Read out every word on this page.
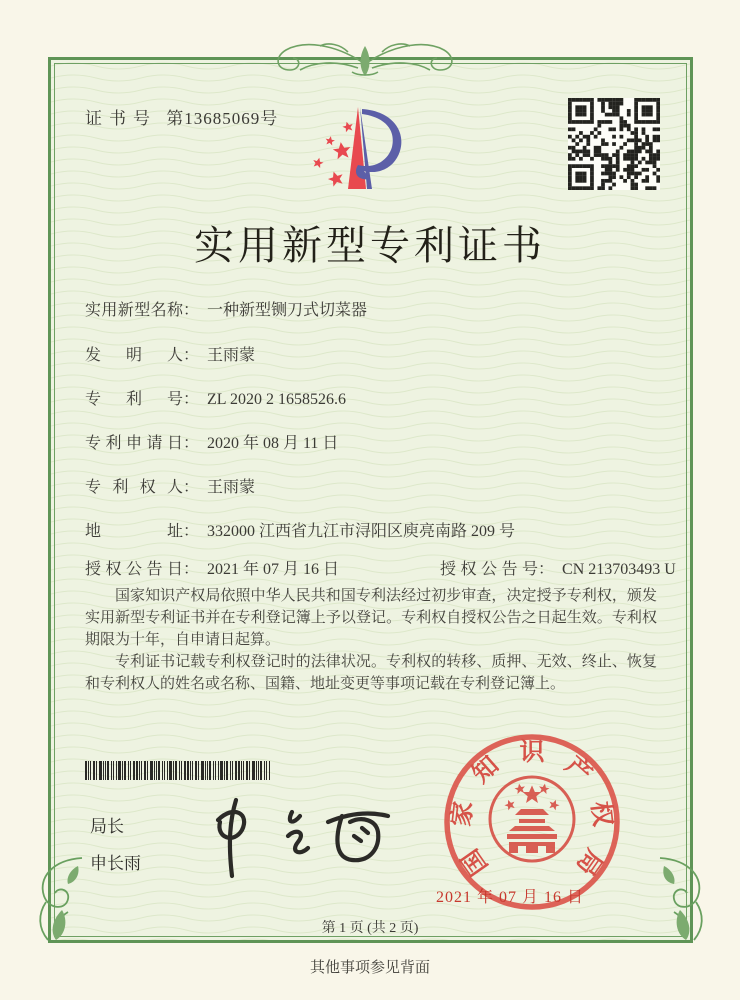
证 书 号 第13685069号
实用新型专利证书
实用新型名称： 一种新型铡刀式切菜器
发明人： 王雨蒙
专利号： ZL 2020 2 1658526.6
专利申请日： 2020 年 08 月 11 日
专利权人： 王雨蒙
地址： 332000 江西省九江市浔阳区庾亮南路 209 号
授权公告日： 2021 年 07 月 16 日	授权公告号： CN 213703493 U

国家知识产权局依照中华人民共和国专利法经过初步审查，决定授予专利权，颁发实用新型专利证书并在专利登记簿上予以登记。专利权自授权公告之日起生效。专利权期限为十年，自申请日起算。

专利证书记载专利权登记时的法律状况。专利权的转移、质押、无效、终止、恢复和专利权人的姓名或名称、国籍、地址变更等事项记载在专利登记簿上。

局长
申长雨	国
家
知 识 产
权
局
2021 年 07 月 16 日
第 1 页 (共 2 页)
其他事项参见背面
